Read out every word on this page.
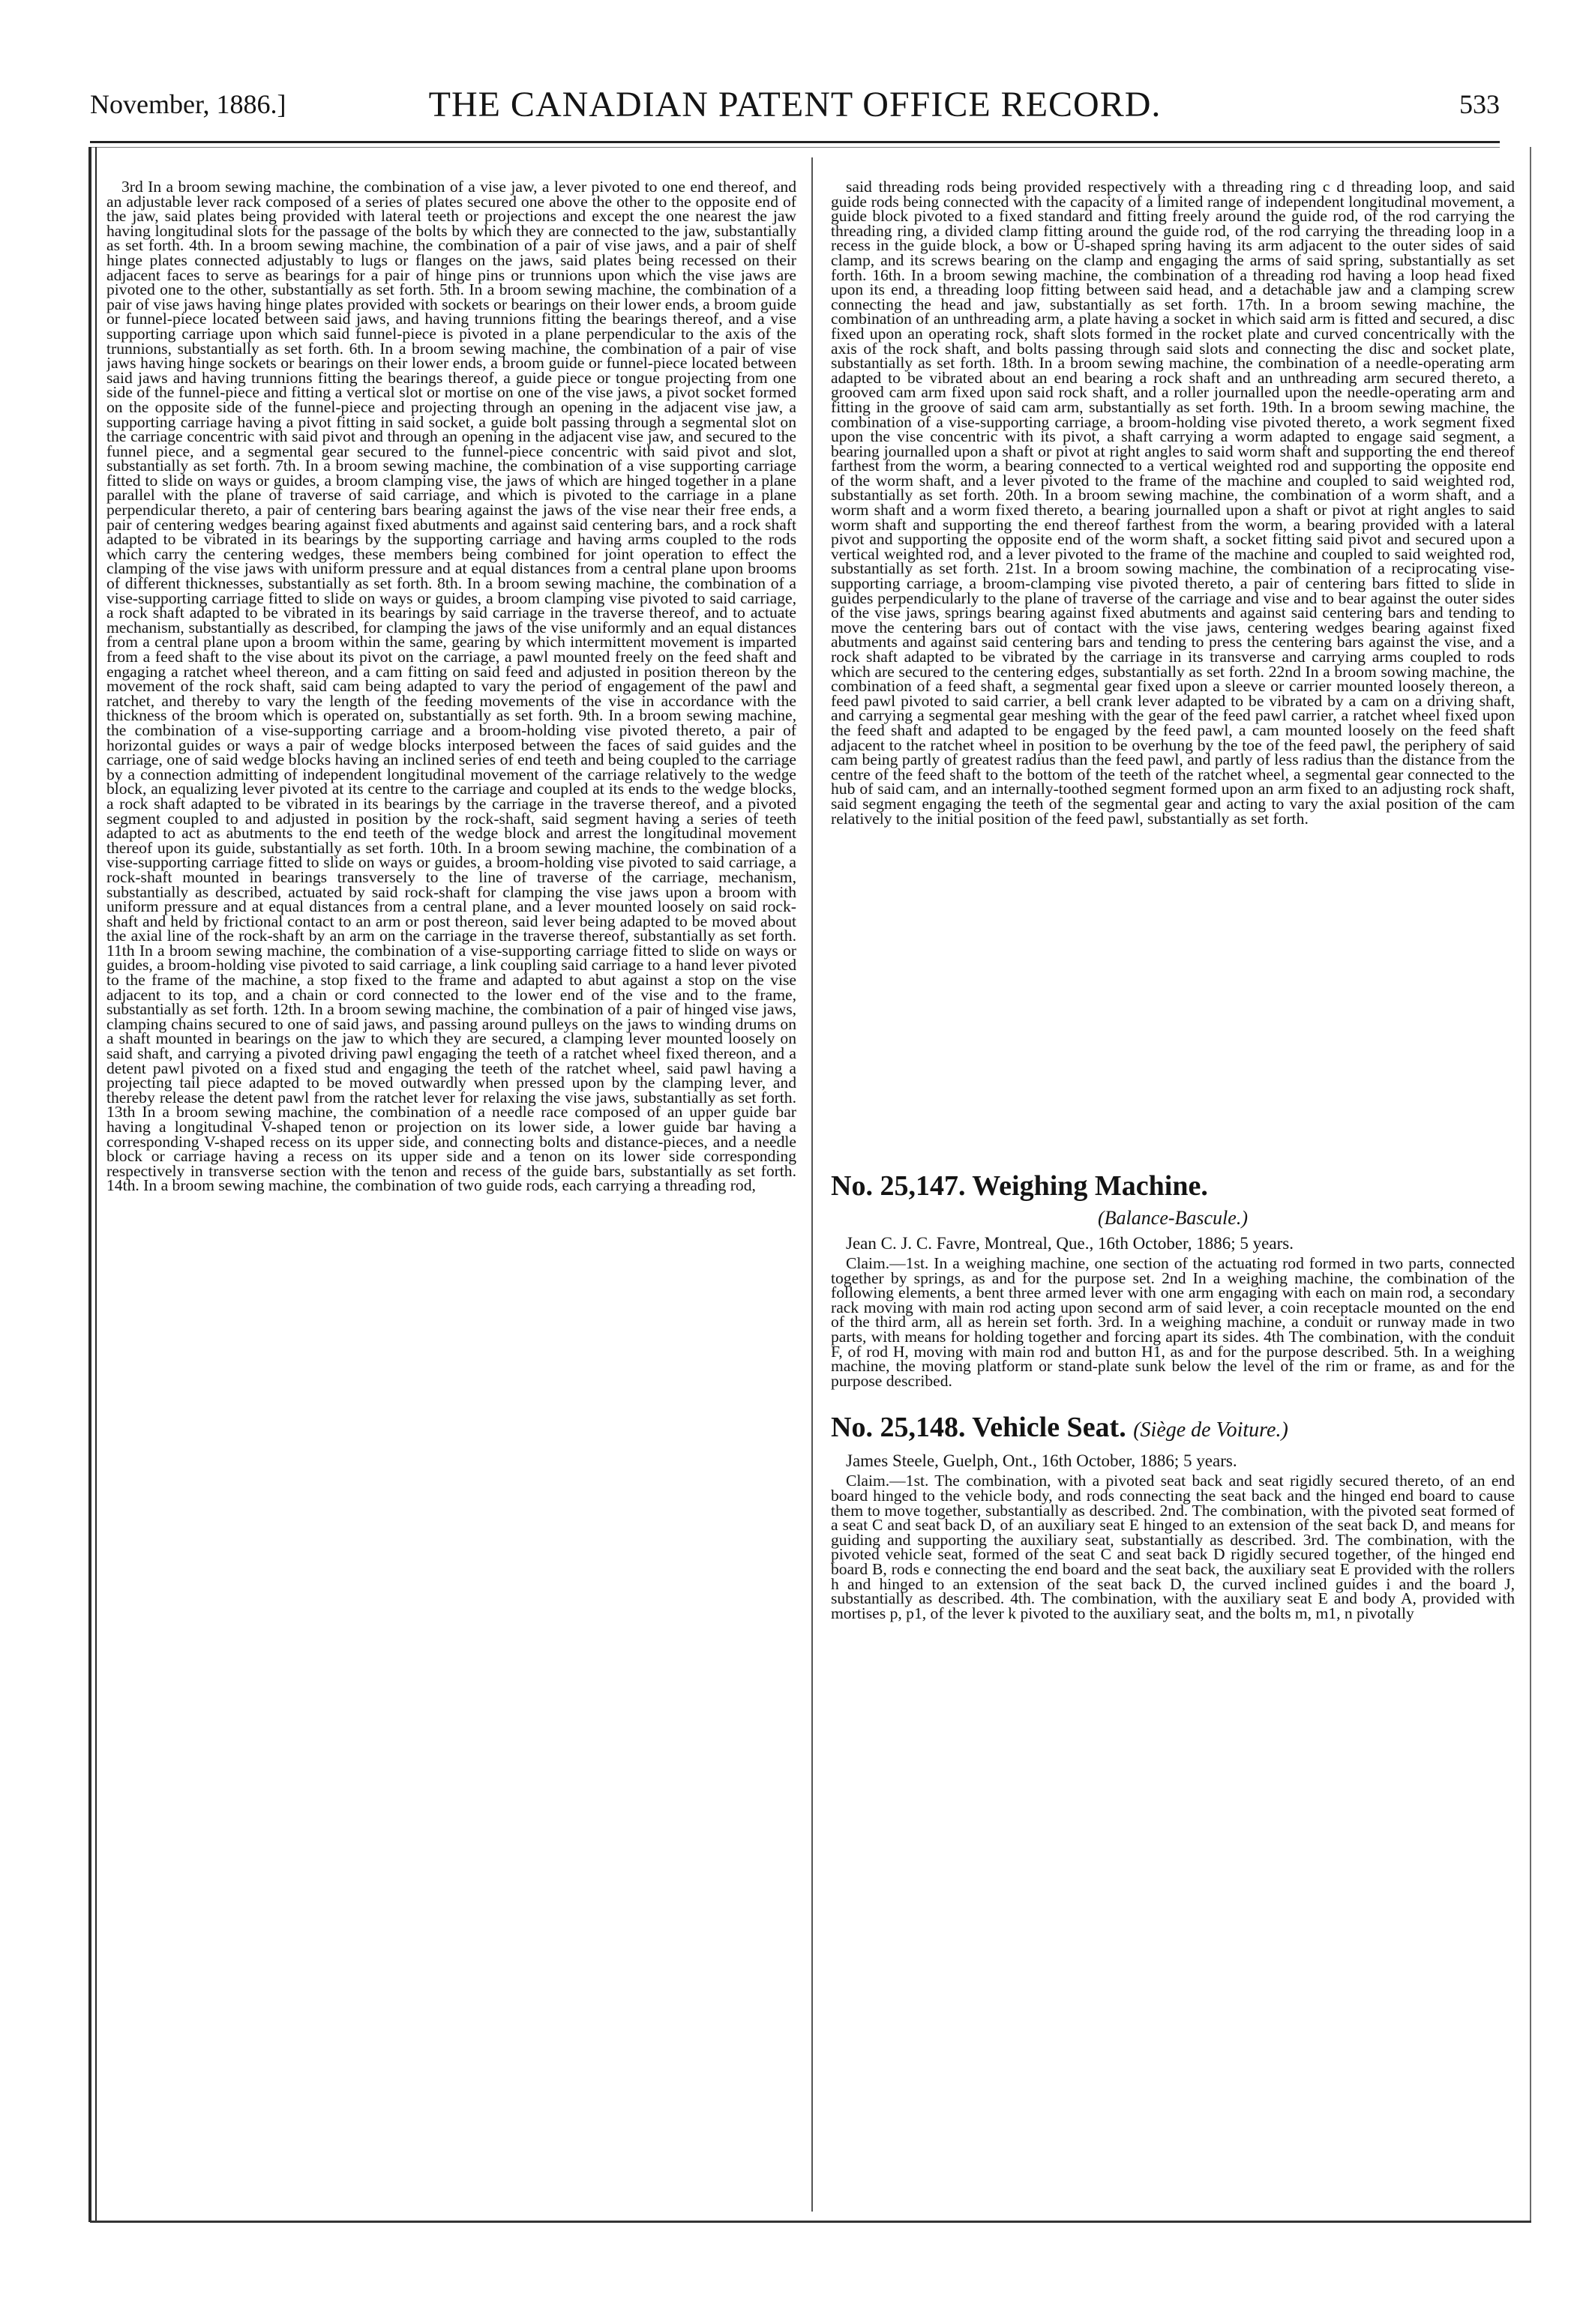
November, 1886.]	THE CANADIAN PATENT OFFICE RECORD.	533

3rd In a broom sewing machine, the combination of a vise jaw, a lever pivoted to one end thereof, and an adjustable lever rack composed of a series of plates secured one above the other to the opposite end of the jaw, said plates being provided with lateral teeth or projections and except the one nearest the jaw having longitudinal slots for the passage of the bolts by which they are connected to the jaw, substantially as set forth. 4th. In a broom sewing machine, the combination of a pair of vise jaws, and a pair of shelf hinge plates connected adjustably to lugs or flanges on the jaws, said plates being recessed on their adjacent faces to serve as bearings for a pair of hinge pins or trunnions upon which the vise jaws are pivoted one to the other, substantially as set forth. 5th. In a broom sewing machine, the combination of a pair of vise jaws having hinge plates provided with sockets or bearings on their lower ends, a broom guide or funnel-piece located between said jaws, and having trunnions fitting the bearings thereof, and a vise supporting carriage upon which said funnel-piece is pivoted in a plane perpendicular to the axis of the trunnions, substantially as set forth. 6th. In a broom sewing machine, the combination of a pair of vise jaws having hinge sockets or bearings on their lower ends, a broom guide or funnel-piece located between said jaws and having trunnions fitting the bearings thereof, a guide piece or tongue projecting from one side of the funnel-piece and fitting a vertical slot or mortise on one of the vise jaws, a pivot socket formed on the opposite side of the funnel-piece and projecting through an opening in the adjacent vise jaw, a supporting carriage having a pivot fitting in said socket, a guide bolt passing through a segmental slot on the carriage concentric with said pivot and through an opening in the adjacent vise jaw, and secured to the funnel piece, and a segmental gear secured to the funnel-piece concentric with said pivot and slot, substantially as set forth. 7th. In a broom sewing machine, the combination of a vise supporting carriage fitted to slide on ways or guides, a broom clamping vise, the jaws of which are hinged together in a plane parallel with the plane of traverse of said carriage, and which is pivoted to the carriage in a plane perpendicular thereto, a pair of centering bars bearing against the jaws of the vise near their free ends, a pair of centering wedges bearing against fixed abutments and against said centering bars, and a rock shaft adapted to be vibrated in its bearings by the supporting carriage and having arms coupled to the rods which carry the centering wedges, these members being combined for joint operation to effect the clamping of the vise jaws with uniform pressure and at equal distances from a central plane upon brooms of different thicknesses, substantially as set forth. 8th. In a broom sewing machine, the combination of a vise-supporting carriage fitted to slide on ways or guides, a broom clamping vise pivoted to said carriage, a rock shaft adapted to be vibrated in its bearings by said carriage in the traverse thereof, and to actuate mechanism, substantially as described, for clamping the jaws of the vise uniformly and an equal distances from a central plane upon a broom within the same, gearing by which intermittent movement is imparted from a feed shaft to the vise about its pivot on the carriage, a pawl mounted freely on the feed shaft and engaging a ratchet wheel thereon, and a cam fitting on said feed and adjusted in position thereon by the movement of the rock shaft, said cam being adapted to vary the period of engagement of the pawl and ratchet, and thereby to vary the length of the feeding movements of the vise in accordance with the thickness of the broom which is operated on, substantially as set forth. 9th. In a broom sewing machine, the combination of a vise-supporting carriage and a broom-holding vise pivoted thereto, a pair of horizontal guides or ways a pair of wedge blocks interposed between the faces of said guides and the carriage, one of said wedge blocks having an inclined series of end teeth and being coupled to the carriage by a connection admitting of independent longitudinal movement of the carriage relatively to the wedge block, an equalizing lever pivoted at its centre to the carriage and coupled at its ends to the wedge blocks, a rock shaft adapted to be vibrated in its bearings by the carriage in the traverse thereof, and a pivoted segment coupled to and adjusted in position by the rock-shaft, said segment having a series of teeth adapted to act as abutments to the end teeth of the wedge block and arrest the longitudinal movement thereof upon its guide, substantially as set forth. 10th. In a broom sewing machine, the combination of a vise-supporting carriage fitted to slide on ways or guides, a broom-holding vise pivoted to said carriage, a rock-shaft mounted in bearings transversely to the line of traverse of the carriage, mechanism, substantially as described, actuated by said rock-shaft for clamping the vise jaws upon a broom with uniform pressure and at equal distances from a central plane, and a lever mounted loosely on said rock-shaft and held by frictional contact to an arm or post thereon, said lever being adapted to be moved about the axial line of the rock-shaft by an arm on the carriage in the traverse thereof, substantially as set forth. 11th In a broom sewing machine, the combination of a vise-supporting carriage fitted to slide on ways or guides, a broom-holding vise pivoted to said carriage, a link coupling said carriage to a hand lever pivoted to the frame of the machine, a stop fixed to the frame and adapted to abut against a stop on the vise adjacent to its top, and a chain or cord connected to the lower end of the vise and to the frame, substantially as set forth. 12th. In a broom sewing machine, the combination of a pair of hinged vise jaws, clamping chains secured to one of said jaws, and passing around pulleys on the jaws to winding drums on a shaft mounted in bearings on the jaw to which they are secured, a clamping lever mounted loosely on said shaft, and carrying a pivoted driving pawl engaging the teeth of a ratchet wheel fixed thereon, and a detent pawl pivoted on a fixed stud and engaging the teeth of the ratchet wheel, said pawl having a projecting tail piece adapted to be moved outwardly when pressed upon by the clamping lever, and thereby release the detent pawl from the ratchet lever for relaxing the vise jaws, substantially as set forth. 13th In a broom sewing machine, the combination of a needle race composed of an upper guide bar having a longitudinal V-shaped tenon or projection on its lower side, a lower guide bar having a corresponding V-shaped recess on its upper side, and connecting bolts and distance-pieces, and a needle block or carriage having a recess on its upper side and a tenon on its lower side corresponding respectively in transverse section with the tenon and recess of the guide bars, substantially as set forth. 14th. In a broom sewing machine, the combination of two guide rods, each carrying a threading rod,

said threading rods being provided respectively with a threading ring c d threading loop, and said guide rods being connected with the capacity of a limited range of independent longitudinal movement, a guide block pivoted to a fixed standard and fitting freely around the guide rod, of the rod carrying the threading ring, a divided clamp fitting around the guide rod, of the rod carrying the threading loop in a recess in the guide block, a bow or U-shaped spring having its arm adjacent to the outer sides of said clamp, and its screws bearing on the clamp and engaging the arms of said spring, substantially as set forth. 16th. In a broom sewing machine, the combination of a threading rod having a loop head fixed upon its end, a threading loop fitting between said head, and a detachable jaw and a clamping screw connecting the head and jaw, substantially as set forth. 17th. In a broom sewing machine, the combination of an unthreading arm, a plate having a socket in which said arm is fitted and secured, a disc fixed upon an operating rock, shaft slots formed in the rocket plate and curved concentrically with the axis of the rock shaft, and bolts passing through said slots and connecting the disc and socket plate, substantially as set forth. 18th. In a broom sewing machine, the combination of a needle-operating arm adapted to be vibrated about an end bearing a rock shaft and an unthreading arm secured thereto, a grooved cam arm fixed upon said rock shaft, and a roller journalled upon the needle-operating arm and fitting in the groove of said cam arm, substantially as set forth. 19th. In a broom sewing machine, the combination of a vise-supporting carriage, a broom-holding vise pivoted thereto, a work segment fixed upon the vise concentric with its pivot, a shaft carrying a worm adapted to engage said segment, a bearing journalled upon a shaft or pivot at right angles to said worm shaft and supporting the end thereof farthest from the worm, a bearing connected to a vertical weighted rod and supporting the opposite end of the worm shaft, and a lever pivoted to the frame of the machine and coupled to said weighted rod, substantially as set forth. 20th. In a broom sewing machine, the combination of a worm shaft, and a worm shaft and a worm fixed thereto, a bearing journalled upon a shaft or pivot at right angles to said worm shaft and supporting the end thereof farthest from the worm, a bearing provided with a lateral pivot and supporting the opposite end of the worm shaft, a socket fitting said pivot and secured upon a vertical weighted rod, and a lever pivoted to the frame of the machine and coupled to said weighted rod, substantially as set forth. 21st. In a broom sowing machine, the combination of a reciprocating vise-supporting carriage, a broom-clamping vise pivoted thereto, a pair of centering bars fitted to slide in guides perpendicularly to the plane of traverse of the carriage and vise and to bear against the outer sides of the vise jaws, springs bearing against fixed abutments and against said centering bars and tending to move the centering bars out of contact with the vise jaws, centering wedges bearing against fixed abutments and against said centering bars and tending to press the centering bars against the vise, and a rock shaft adapted to be vibrated by the carriage in its transverse and carrying arms coupled to rods which are secured to the centering edges, substantially as set forth. 22nd In a broom sowing machine, the combination of a feed shaft, a segmental gear fixed upon a sleeve or carrier mounted loosely thereon, a feed pawl pivoted to said carrier, a bell crank lever adapted to be vibrated by a cam on a driving shaft, and carrying a segmental gear meshing with the gear of the feed pawl carrier, a ratchet wheel fixed upon the feed shaft and adapted to be engaged by the feed pawl, a cam mounted loosely on the feed shaft adjacent to the ratchet wheel in position to be overhung by the toe of the feed pawl, the periphery of said cam being partly of greatest radius than the feed pawl, and partly of less radius than the distance from the centre of the feed shaft to the bottom of the teeth of the ratchet wheel, a segmental gear connected to the hub of said cam, and an internally-toothed segment formed upon an arm fixed to an adjusting rock shaft, said segment engaging the teeth of the segmental gear and acting to vary the axial position of the cam relatively to the initial position of the feed pawl, substantially as set forth.

No. 25,147. Weighing Machine.
(Balance-Bascule.)
Jean C. J. C. Favre, Montreal, Que., 16th October, 1886; 5 years.

Claim.—1st. In a weighing machine, one section of the actuating rod formed in two parts, connected together by springs, as and for the purpose set. 2nd In a weighing machine, the combination of the following elements, a bent three armed lever with one arm engaging with each on main rod, a secondary rack moving with main rod acting upon second arm of said lever, a coin receptacle mounted on the end of the third arm, all as herein set forth. 3rd. In a weighing machine, a conduit or runway made in two parts, with means for holding together and forcing apart its sides. 4th The combination, with the conduit F, of rod H, moving with main rod and button H1, as and for the purpose described. 5th. In a weighing machine, the moving platform or stand-plate sunk below the level of the rim or frame, as and for the purpose described.

No. 25,148. Vehicle Seat. (Siège de Voiture.)
James Steele, Guelph, Ont., 16th October, 1886; 5 years.

Claim.—1st. The combination, with a pivoted seat back and seat rigidly secured thereto, of an end board hinged to the vehicle body, and rods connecting the seat back and the hinged end board to cause them to move together, substantially as described. 2nd. The combination, with the pivoted seat formed of a seat C and seat back D, of an auxiliary seat E hinged to an extension of the seat back D, and means for guiding and supporting the auxiliary seat, substantially as described. 3rd. The combination, with the pivoted vehicle seat, formed of the seat C and seat back D rigidly secured together, of the hinged end board B, rods e connecting the end board and the seat back, the auxiliary seat E provided with the rollers h and hinged to an extension of the seat back D, the curved inclined guides i and the board J, substantially as described. 4th. The combination, with the auxiliary seat E and body A, provided with mortises p, p1, of the lever k pivoted to the auxiliary seat, and the bolts m, m1, n pivotally
